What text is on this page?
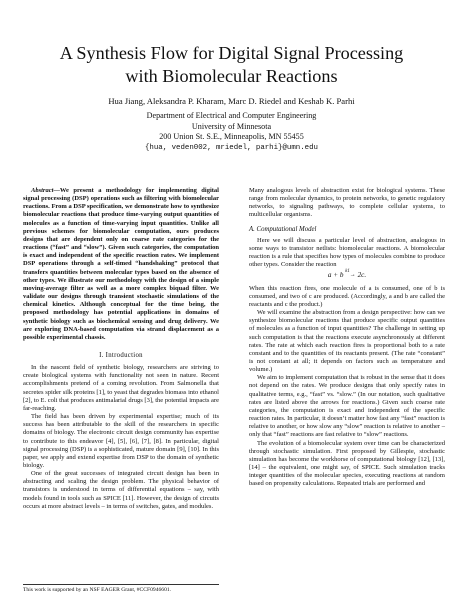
A Synthesis Flow for Digital Signal Processing
with Biomolecular Reactions
Hua Jiang, Aleksandra P. Kharam, Marc D. Riedel and Keshab K. Parhi
Department of Electrical and Computer Engineering
University of Minnesota
200 Union St. S.E., Minneapolis, MN 55455
{hua, veden002, mriedel, parhi}@umn.edu

Abstract—We present a methodology for implementing digital signal processing (DSP) operations such as filtering with biomolecular reactions. From a DSP specification, we demonstrate how to synthesize biomolecular reactions that produce time-varying output quantities of molecules as a function of time-varying input quantities. Unlike all previous schemes for biomolecular computation, ours produces designs that are dependent only on coarse rate categories for the reactions (“fast” and “slow”). Given such categories, the computation is exact and independent of the specific reaction rates. We implement DSP operations through a self-timed “handshaking” protocol that transfers quantities between molecular types based on the absence of other types. We illustrate our methodology with the design of a simple moving-average filter as well as a more complex biquad filter. We validate our designs through transient stochastic simulations of the chemical kinetics. Although conceptual for the time being, the proposed methodology has potential applications in domains of synthetic biology such as biochemical sensing and drug delivery. We are exploring DNA-based computation via strand displacement as a possible experimental chassis.

I. Introduction

In the nascent field of synthetic biology, researchers are striving to create biological systems with functionality not seen in nature. Recent accomplishments pretend of a coming revolution. From Salmonella that secretes spider silk proteins [1], to yeast that degrades biomass into ethanol [2], to E. coli that produces antimalarial drugs [3], the potential impacts are far-reaching.

The field has been driven by experimental expertise; much of its success has been attributable to the skill of the researchers in specific domains of biology. The electronic circuit design community has expertise to contribute to this endeavor [4], [5], [6], [7], [8]. In particular, digital signal processing (DSP) is a sophisticated, mature domain [9], [10]. In this paper, we apply and extend expertise from DSP to the domain of synthetic biology.

One of the great successes of integrated circuit design has been in abstracting and scaling the design problem. The physical behavior of transistors is understood in terms of differential equations – say, with models found in tools such as SPICE [11]. However, the design of circuits occurs at more abstract levels – in terms of switches, gates, and modules.

Many analogous levels of abstraction exist for biological systems. These range from molecular dynamics, to protein networks, to genetic regulatory networks, to signaling pathways, to complete cellular systems, to multicellular organisms.

A. Computational Model

Here we will discuss a particular level of abstraction, analogous in some ways to transistor netlists: biomolecular reactions. A biomolecular reaction is a rule that specifies how types of molecules combine to produce other types. Consider the reaction

a + b $^{k1}$→ 2c.

When this reaction fires, one molecule of a is consumed, one of b is consumed, and two of c are produced. (Accordingly, a and b are called the reactants and c the product.)

We will examine the abstraction from a design perspective: how can we synthesize biomolecular reactions that produce specific output quantities of molecules as a function of input quantities? The challenge in setting up such computation is that the reactions execute asynchronously at different rates. The rate at which each reaction fires is proportional both to a rate constant and to the quantities of its reactants present. (The rate “constant” is not constant at all; it depends on factors such as temperature and volume.)

We aim to implement computation that is robust in the sense that it does not depend on the rates. We produce designs that only specify rates in qualitative terms, e.g., “fast” vs. “slow.” (In our notation, such qualitative rates are listed above the arrows for reactions.) Given such coarse rate categories, the computation is exact and independent of the specific reaction rates. In particular, it doesn’t matter how fast any “fast” reaction is relative to another, or how slow any “slow” reaction is relative to another – only that “fast” reactions are fast relative to “slow” reactions.

The evolution of a biomolecular system over time can be characterized through stochastic simulation. First proposed by Gillespie, stochastic simulation has become the workhorse of computational biology [12], [13], [14] – the equivalent, one might say, of SPICE. Such simulation tracks integer quantities of the molecular species, executing reactions at random based on propensity calculations. Repeated trials are performed and

This work is supported by an NSF EAGER Grant, #CCF0946601.
